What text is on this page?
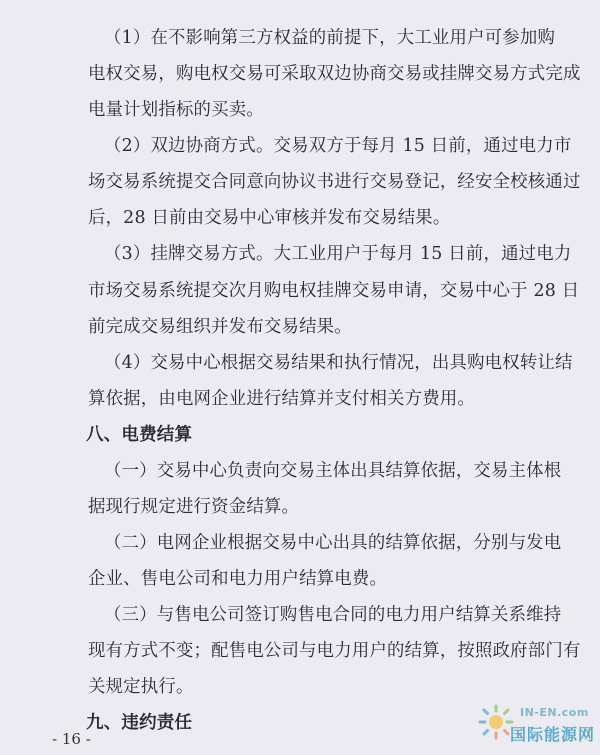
（1）在不影响第三方权益的前提下，大工业用户可参加购
电权交易，购电权交易可采取双边协商交易或挂牌交易方式完成
电量计划指标的买卖。
（2）双边协商方式。交易双方于每月 15 日前，通过电力市
场交易系统提交合同意向协议书进行交易登记，经安全校核通过
后，28 日前由交易中心审核并发布交易结果。
（3）挂牌交易方式。大工业用户于每月 15 日前，通过电力
市场交易系统提交次月购电权挂牌交易申请，交易中心于 28 日
前完成交易组织并发布交易结果。
（4）交易中心根据交易结果和执行情况，出具购电权转让结
算依据，由电网企业进行结算并支付相关方费用。
八、电费结算
（一）交易中心负责向交易主体出具结算依据，交易主体根
据现行规定进行资金结算。
（二）电网企业根据交易中心出具的结算依据，分别与发电
企业、售电公司和电力用户结算电费。
（三）与售电公司签订购售电合同的电力用户结算关系维持
现有方式不变；配售电公司与电力用户的结算，按照政府部门有
关规定执行。
九、违约责任
- 16 -
IN-EN.com
国际能源网
